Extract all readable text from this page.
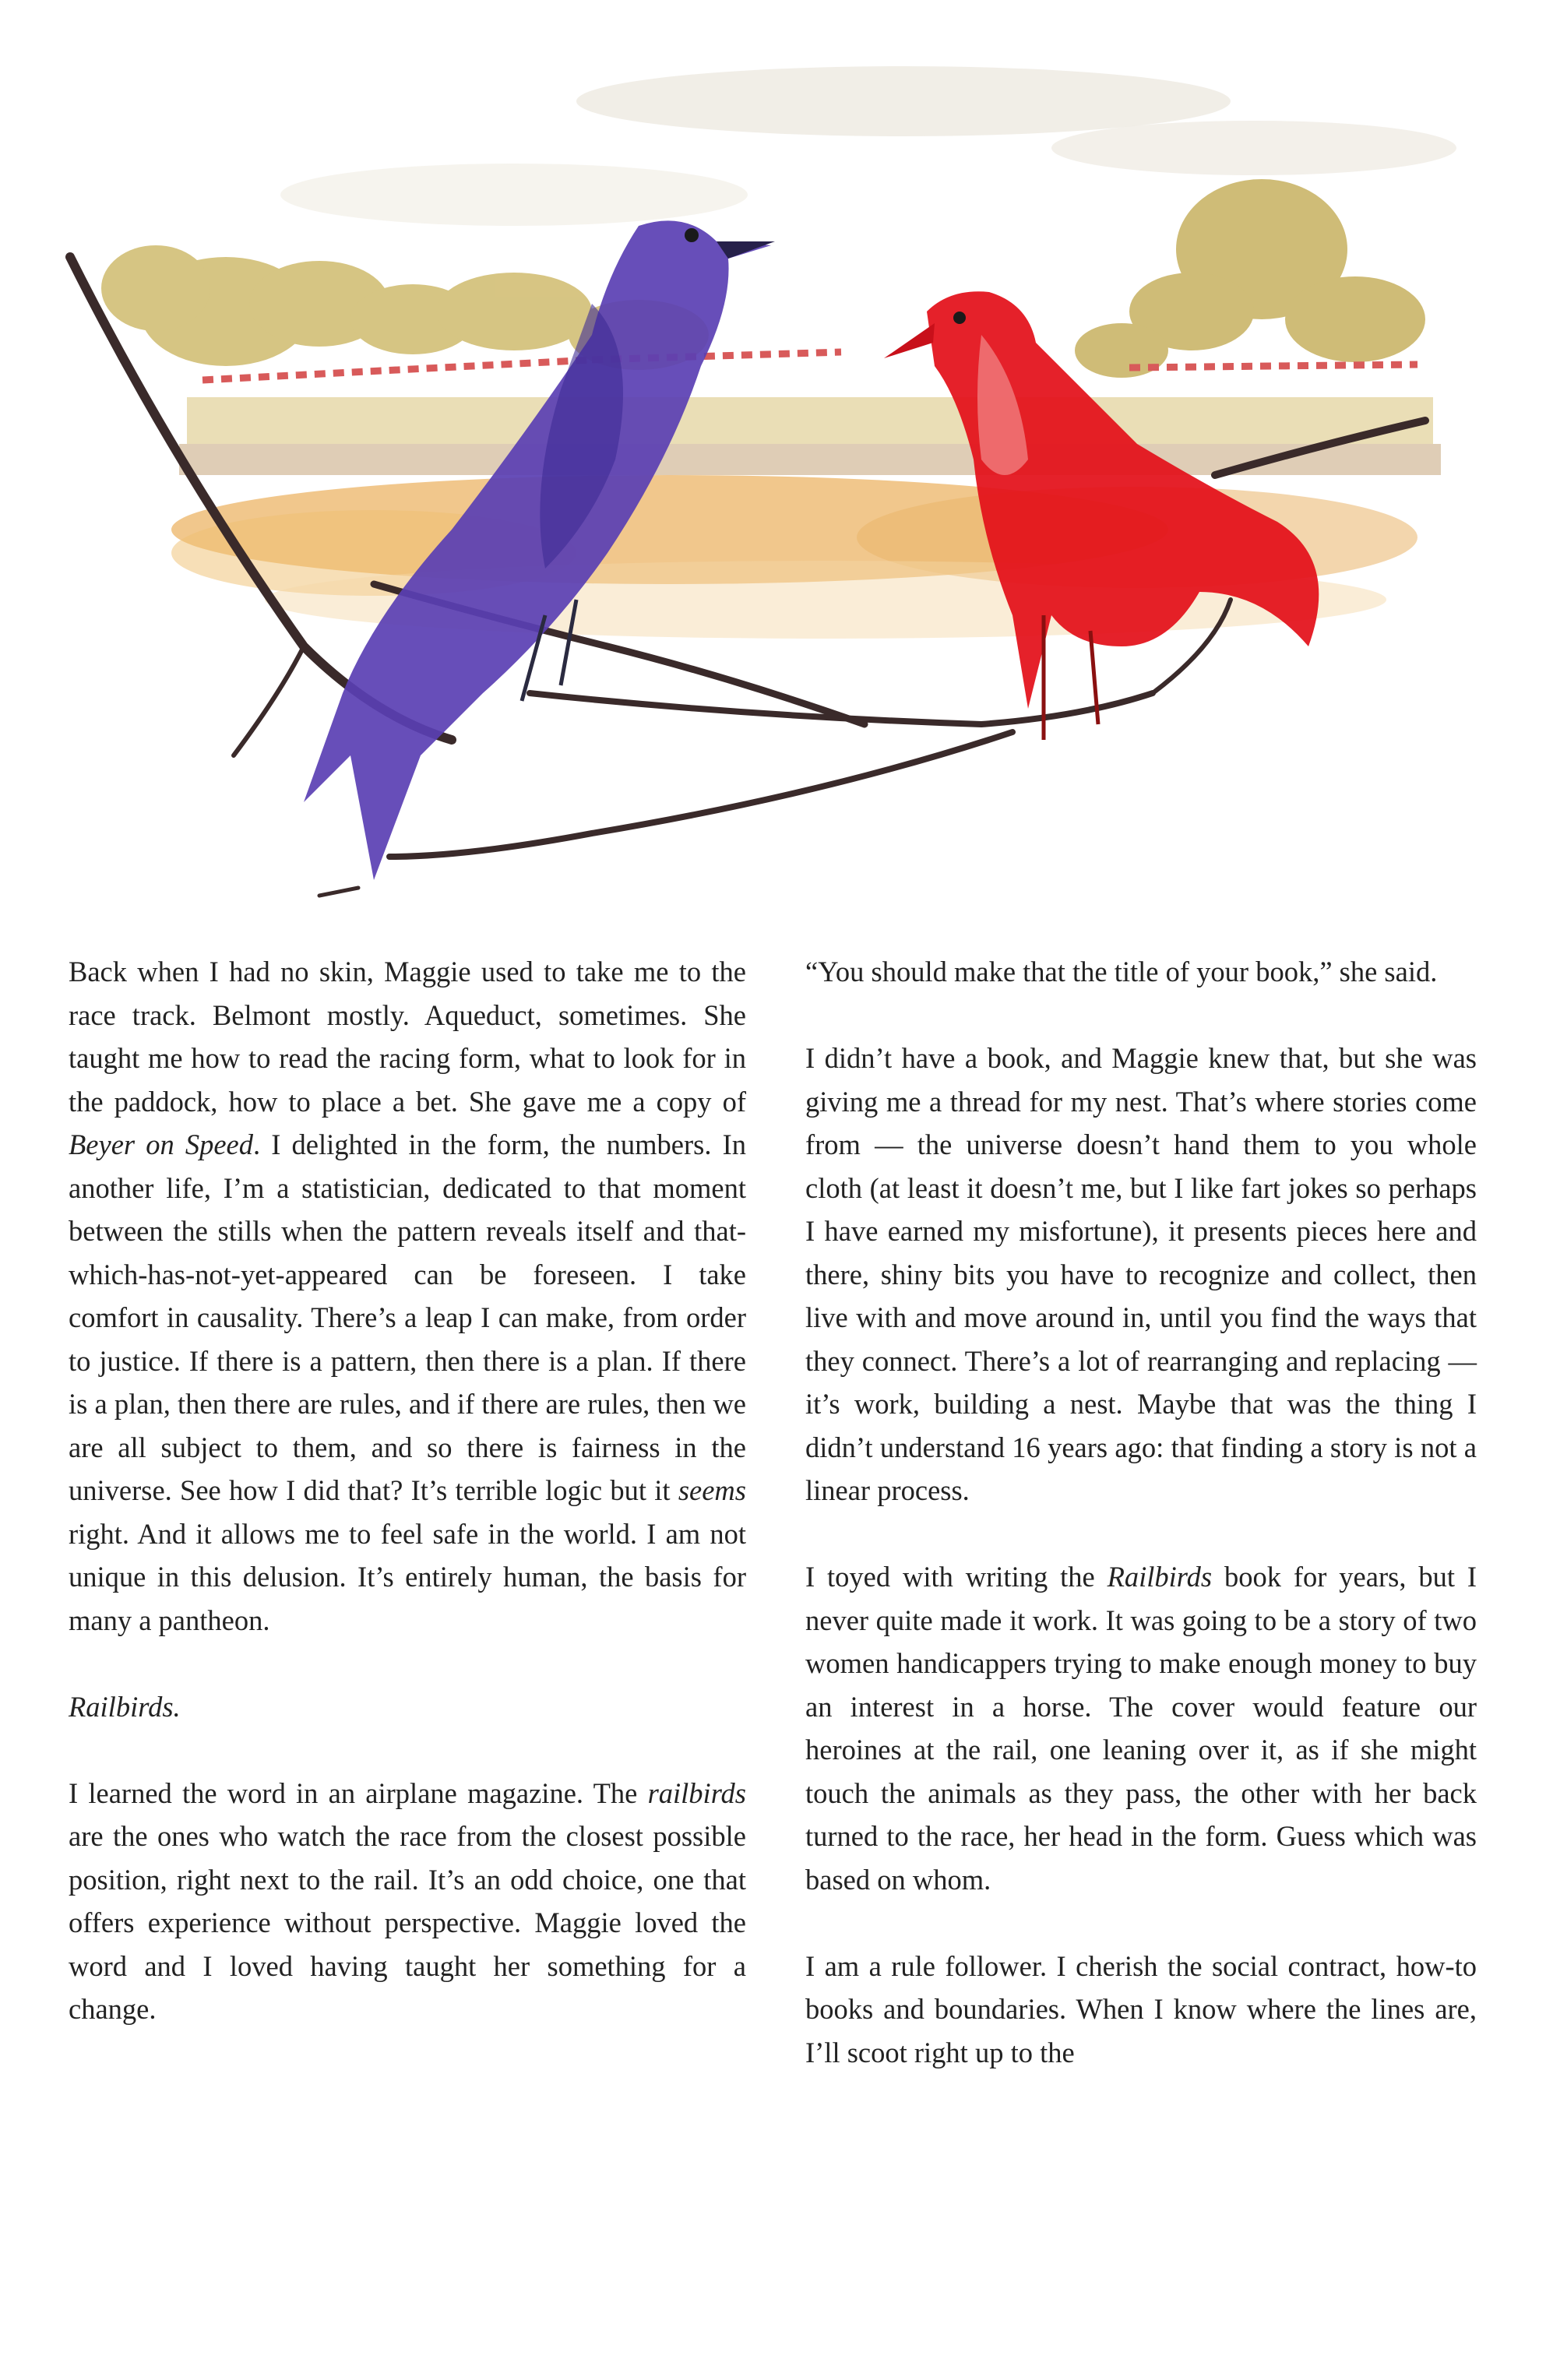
Back when I had no skin, Maggie used to take me to the race track. Belmont mostly. Aqueduct, sometimes. She taught me how to read the racing form, what to look for in the paddock, how to place a bet. She gave me a copy of Beyer on Speed. I delighted in the form, the numbers. In another life, I’m a statistician, dedicated to that moment between the stills when the pattern reveals itself and that-which-has-not-yet-appeared can be foreseen. I take comfort in causality. There’s a leap I can make, from order to justice. If there is a pattern, then there is a plan. If there is a plan, then there are rules, and if there are rules, then we are all subject to them, and so there is fairness in the universe. See how I did that? It’s terrible logic but it seems right. And it allows me to feel safe in the world. I am not unique in this delusion. It’s entirely human, the basis for many a pantheon.

Railbirds.

I learned the word in an airplane magazine. The railbirds are the ones who watch the race from the closest possible position, right next to the rail. It’s an odd choice, one that offers experience without perspective. Maggie loved the word and I loved having taught her something for a change.

“You should make that the title of your book,” she said.

I didn’t have a book, and Maggie knew that, but she was giving me a thread for my nest. That’s where stories come from — the universe doesn’t hand them to you whole cloth (at least it doesn’t me, but I like fart jokes so perhaps I have earned my misfortune), it presents pieces here and there, shiny bits you have to recognize and collect, then live with and move around in, until you find the ways that they connect. There’s a lot of rearranging and replacing — it’s work, building a nest. Maybe that was the thing I didn’t understand 16 years ago: that finding a story is not a linear process.

I toyed with writing the Railbirds book for years, but I never quite made it work. It was going to be a story of two women handicappers trying to make enough money to buy an interest in a horse. The cover would feature our heroines at the rail, one leaning over it, as if she might touch the animals as they pass, the other with her back turned to the race, her head in the form. Guess which was based on whom.

I am a rule follower. I cherish the social contract, how-to books and boundaries. When I know where the lines are, I’ll scoot right up to the
